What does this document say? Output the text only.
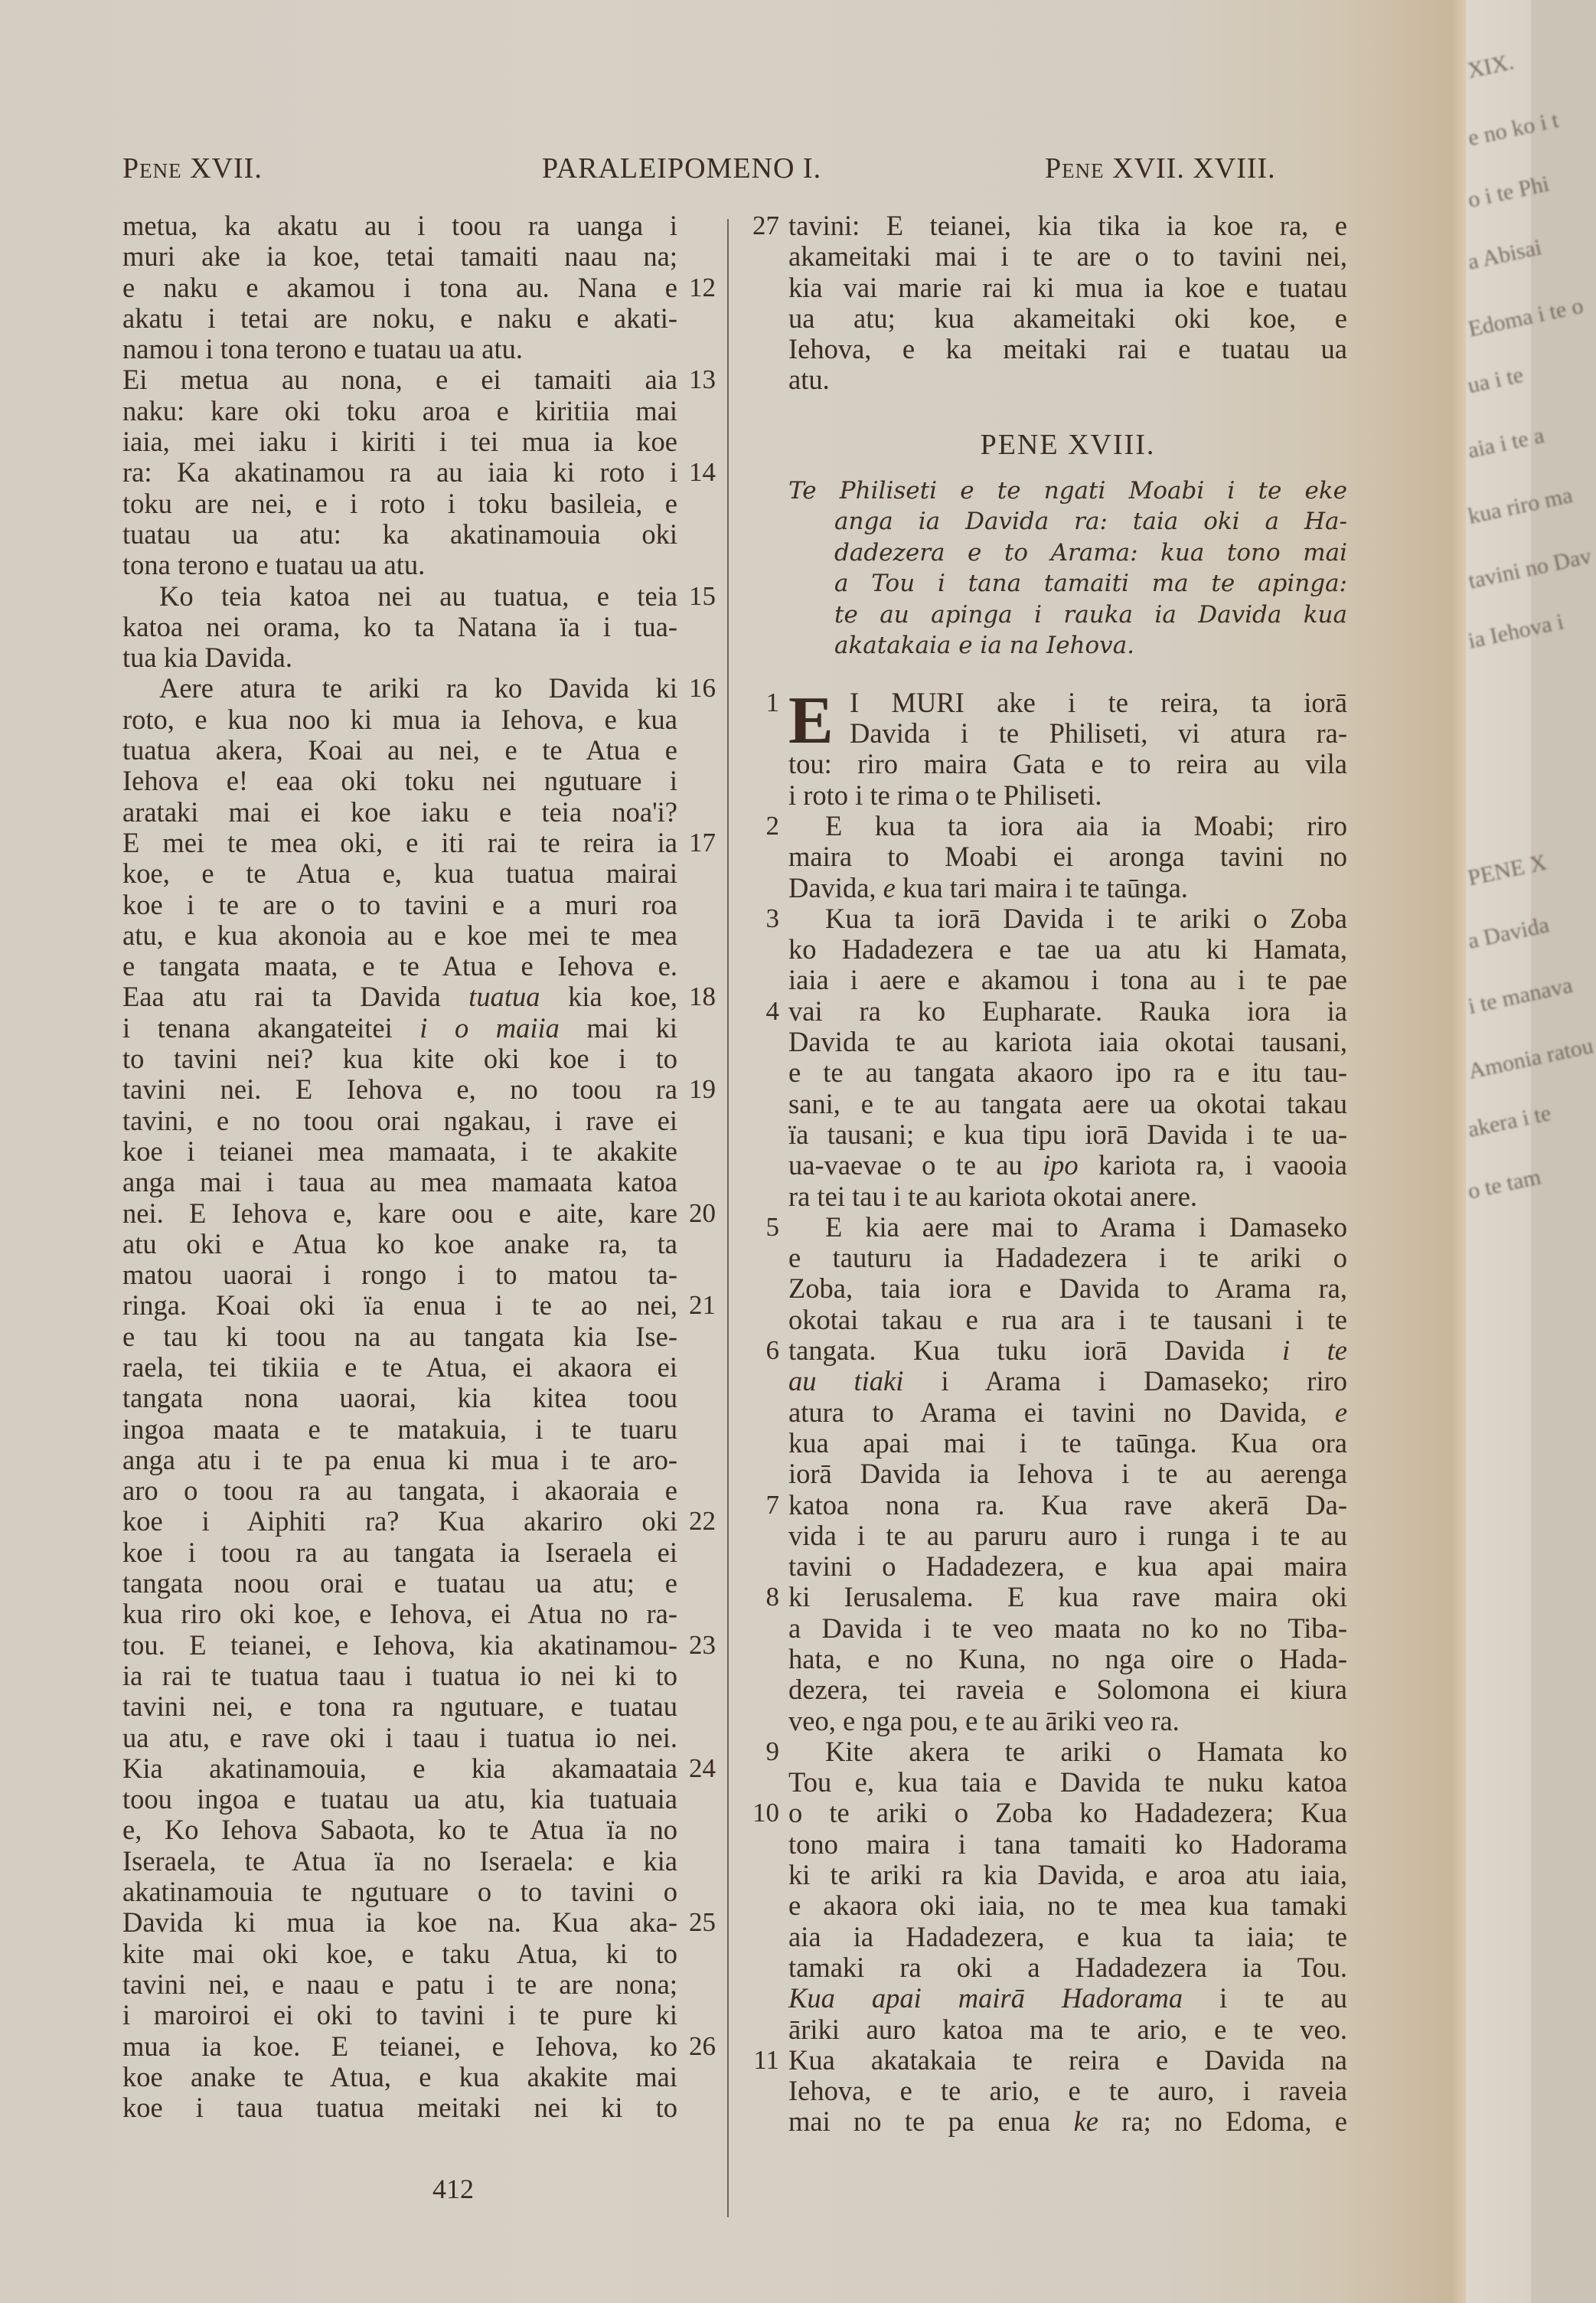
Pene XVII.	PARALEIPOMENO I.	Pene XVII. XVIII.
metua, ka akatu au i toou ra uanga i
muri ake ia koe, tetai tamaiti naau na;
e naku e akamou i tona au. Nana e 12
akatu i tetai are noku, e naku e akati-
namou i tona terono e tuatau ua atu.
Ei metua au nona, e ei tamaiti aia 13
naku: kare oki toku aroa e kiritiia mai
iaia, mei iaku i kiriti i tei mua ia koe
ra: Ka akatinamou ra au iaia ki roto i 14
toku are nei, e i roto i toku basileia, e
tuatau ua atu: ka akatinamouia oki
tona terono e tuatau ua atu.
Ko teia katoa nei au tuatua, e teia 15
katoa nei orama, ko ta Natana ïa i tua-
tua kia Davida.
Aere atura te ariki ra ko Davida ki 16
roto, e kua noo ki mua ia Iehova, e kua
tuatua akera, Koai au nei, e te Atua e
Iehova e! eaa oki toku nei ngutuare i
arataki mai ei koe iaku e teia noa'i?
E mei te mea oki, e iti rai te reira ia 17
koe, e te Atua e, kua tuatua mairai
koe i te are o to tavini e a muri roa
atu, e kua akonoia au e koe mei te mea
e tangata maata, e te Atua e Iehova e.
Eaa atu rai ta Davida tuatua kia koe, 18
i tenana akangateitei i o maiia mai ki
to tavini nei? kua kite oki koe i to
tavini nei. E Iehova e, no toou ra 19
tavini, e no toou orai ngakau, i rave ei
koe i teianei mea mamaata, i te akakite
anga mai i taua au mea mamaata katoa
nei. E Iehova e, kare oou e aite, kare 20
atu oki e Atua ko koe anake ra, ta
matou uaorai i rongo i to matou ta-
ringa. Koai oki ïa enua i te ao nei, 21
e tau ki toou na au tangata kia Ise-
raela, tei tikiia e te Atua, ei akaora ei
tangata nona uaorai, kia kitea toou
ingoa maata e te matakuia, i te tuaru
anga atu i te pa enua ki mua i te aro-
aro o toou ra au tangata, i akaoraia e
koe i Aiphiti ra? Kua akariro oki 22
koe i toou ra au tangata ia Iseraela ei
tangata noou orai e tuatau ua atu; e
kua riro oki koe, e Iehova, ei Atua no ra-
tou. E teianei, e Iehova, kia akatinamou- 23
ia rai te tuatua taau i tuatua io nei ki to
tavini nei, e tona ra ngutuare, e tuatau
ua atu, e rave oki i taau i tuatua io nei.
Kia akatinamouia, e kia akamaataia 24
toou ingoa e tuatau ua atu, kia tuatuaia
e, Ko Iehova Sabaota, ko te Atua ïa no
Iseraela, te Atua ïa no Iseraela: e kia
akatinamouia te ngutuare o to tavini o
Davida ki mua ia koe na. Kua aka- 25
kite mai oki koe, e taku Atua, ki to
tavini nei, e naau e patu i te are nona;
i maroiroi ei oki to tavini i te pure ki
mua ia koe. E teianei, e Iehova, ko 26
koe anake te Atua, e kua akakite mai
koe i taua tuatua meitaki nei ki to
tavini: E teianei, kia tika ia koe ra, e
27
akameitaki mai i te are o to tavini nei,
kia vai marie rai ki mua ia koe e tuatau
ua atu; kua akameitaki oki koe, e
Iehova, e ka meitaki rai e tuatau ua
atu.
PENE XVIII.
Te Philiseti e te ngati Moabi i te eke
anga ia Davida ra: taia oki a Ha-
dadezera e to Arama: kua tono mai
a Tou i tana tamaiti ma te apinga:
te au apinga i rauka ia Davida kua
akatakaia e ia na Iehova.
E I MURI ake i te reira, ta iorā
1
Davida i te Philiseti, vi atura ra-
tou: riro maira Gata e to reira au vila
i roto i te rima o te Philiseti.
E kua ta iora aia ia Moabi; riro
2
maira to Moabi ei aronga tavini no
Davida, e kua tari maira i te taūnga.
Kua ta iorā Davida i te ariki o Zoba
3
ko Hadadezera e tae ua atu ki Hamata,
iaia i aere e akamou i tona au i te pae
vai ra ko Eupharate. Rauka iora ia
4
Davida te au kariota iaia okotai tausani,
e te au tangata akaoro ipo ra e itu tau-
sani, e te au tangata aere ua okotai takau
ïa tausani; e kua tipu iorā Davida i te ua-
ua-vaevae o te au ipo kariota ra, i vaooia
ra tei tau i te au kariota okotai anere.
E kia aere mai to Arama i Damaseko
5
e tauturu ia Hadadezera i te ariki o
Zoba, taia iora e Davida to Arama ra,
okotai takau e rua ara i te tausani i te
tangata. Kua tuku iorā Davida i te
6
au tiaki i Arama i Damaseko; riro
atura to Arama ei tavini no Davida, e
kua apai mai i te taūnga. Kua ora
iorā Davida ia Iehova i te au aerenga
katoa nona ra. Kua rave akerā Da-
7
vida i te au paruru auro i runga i te au
tavini o Hadadezera, e kua apai maira
ki Ierusalema. E kua rave maira oki
8
a Davida i te veo maata no ko no Tiba-
hata, e no Kuna, no nga oire o Hada-
dezera, tei raveia e Solomona ei kiura
veo, e nga pou, e te au āriki veo ra.
Kite akera te ariki o Hamata ko
9
Tou e, kua taia e Davida te nuku katoa
o te ariki o Zoba ko Hadadezera; Kua
10
tono maira i tana tamaiti ko Hadorama
ki te ariki ra kia Davida, e aroa atu iaia,
e akaora oki iaia, no te mea kua tamaki
aia ia Hadadezera, e kua ta iaia; te
tamaki ra oki a Hadadezera ia Tou.
Kua apai mairā Hadorama i te au
āriki auro katoa ma te ario, e te veo.
Kua akatakaia te reira e Davida na
11
Iehova, e te ario, e te auro, i raveia
mai no te pa enua ke ra; no Edoma, e
412
XIX.
e no ko i t
o i te Phi
a Abisai
Edoma i te o
ua i te
aia i te a
kua riro ma
tavini no Dav
ia Iehova i
PENE X
a Davida
i te manava
Amonia ratou
akera i te
o te tam
